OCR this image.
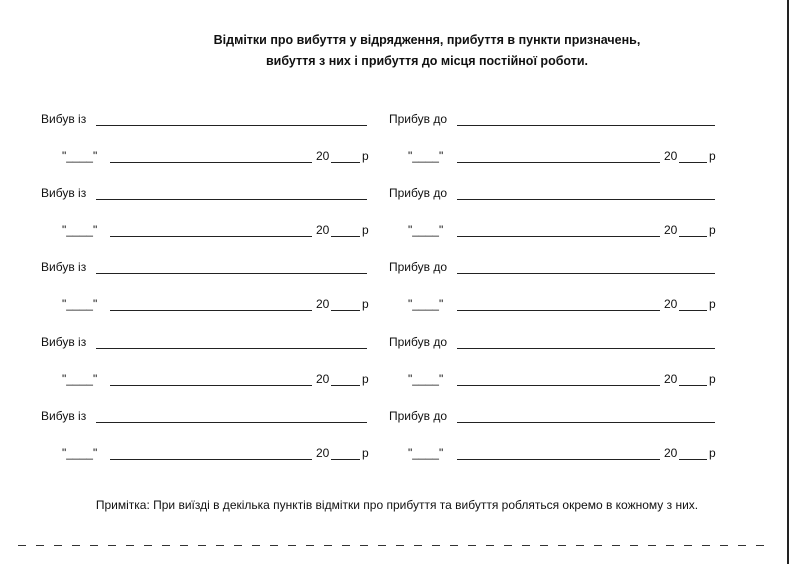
Відмітки про вибуття у відрядження, прибуття в пункти призначень,
вибуття з них і прибуття до місця постійної роботи.
Вибув із
"____"	20	р
Прибув до
"____"	20	р
Вибув із
"____"	20	р
Прибув до
"____"	20	р
Вибув із
"____"	20	р
Прибув до
"____"	20	р
Вибув із
"____"	20	р
Прибув до
"____"	20	р
Вибув із
"____"	20	р
Прибув до
"____"	20	р
Примітка: При виїзді в декілька пунктів відмітки про прибуття та вибуття робляться окремо в кожному з них.
